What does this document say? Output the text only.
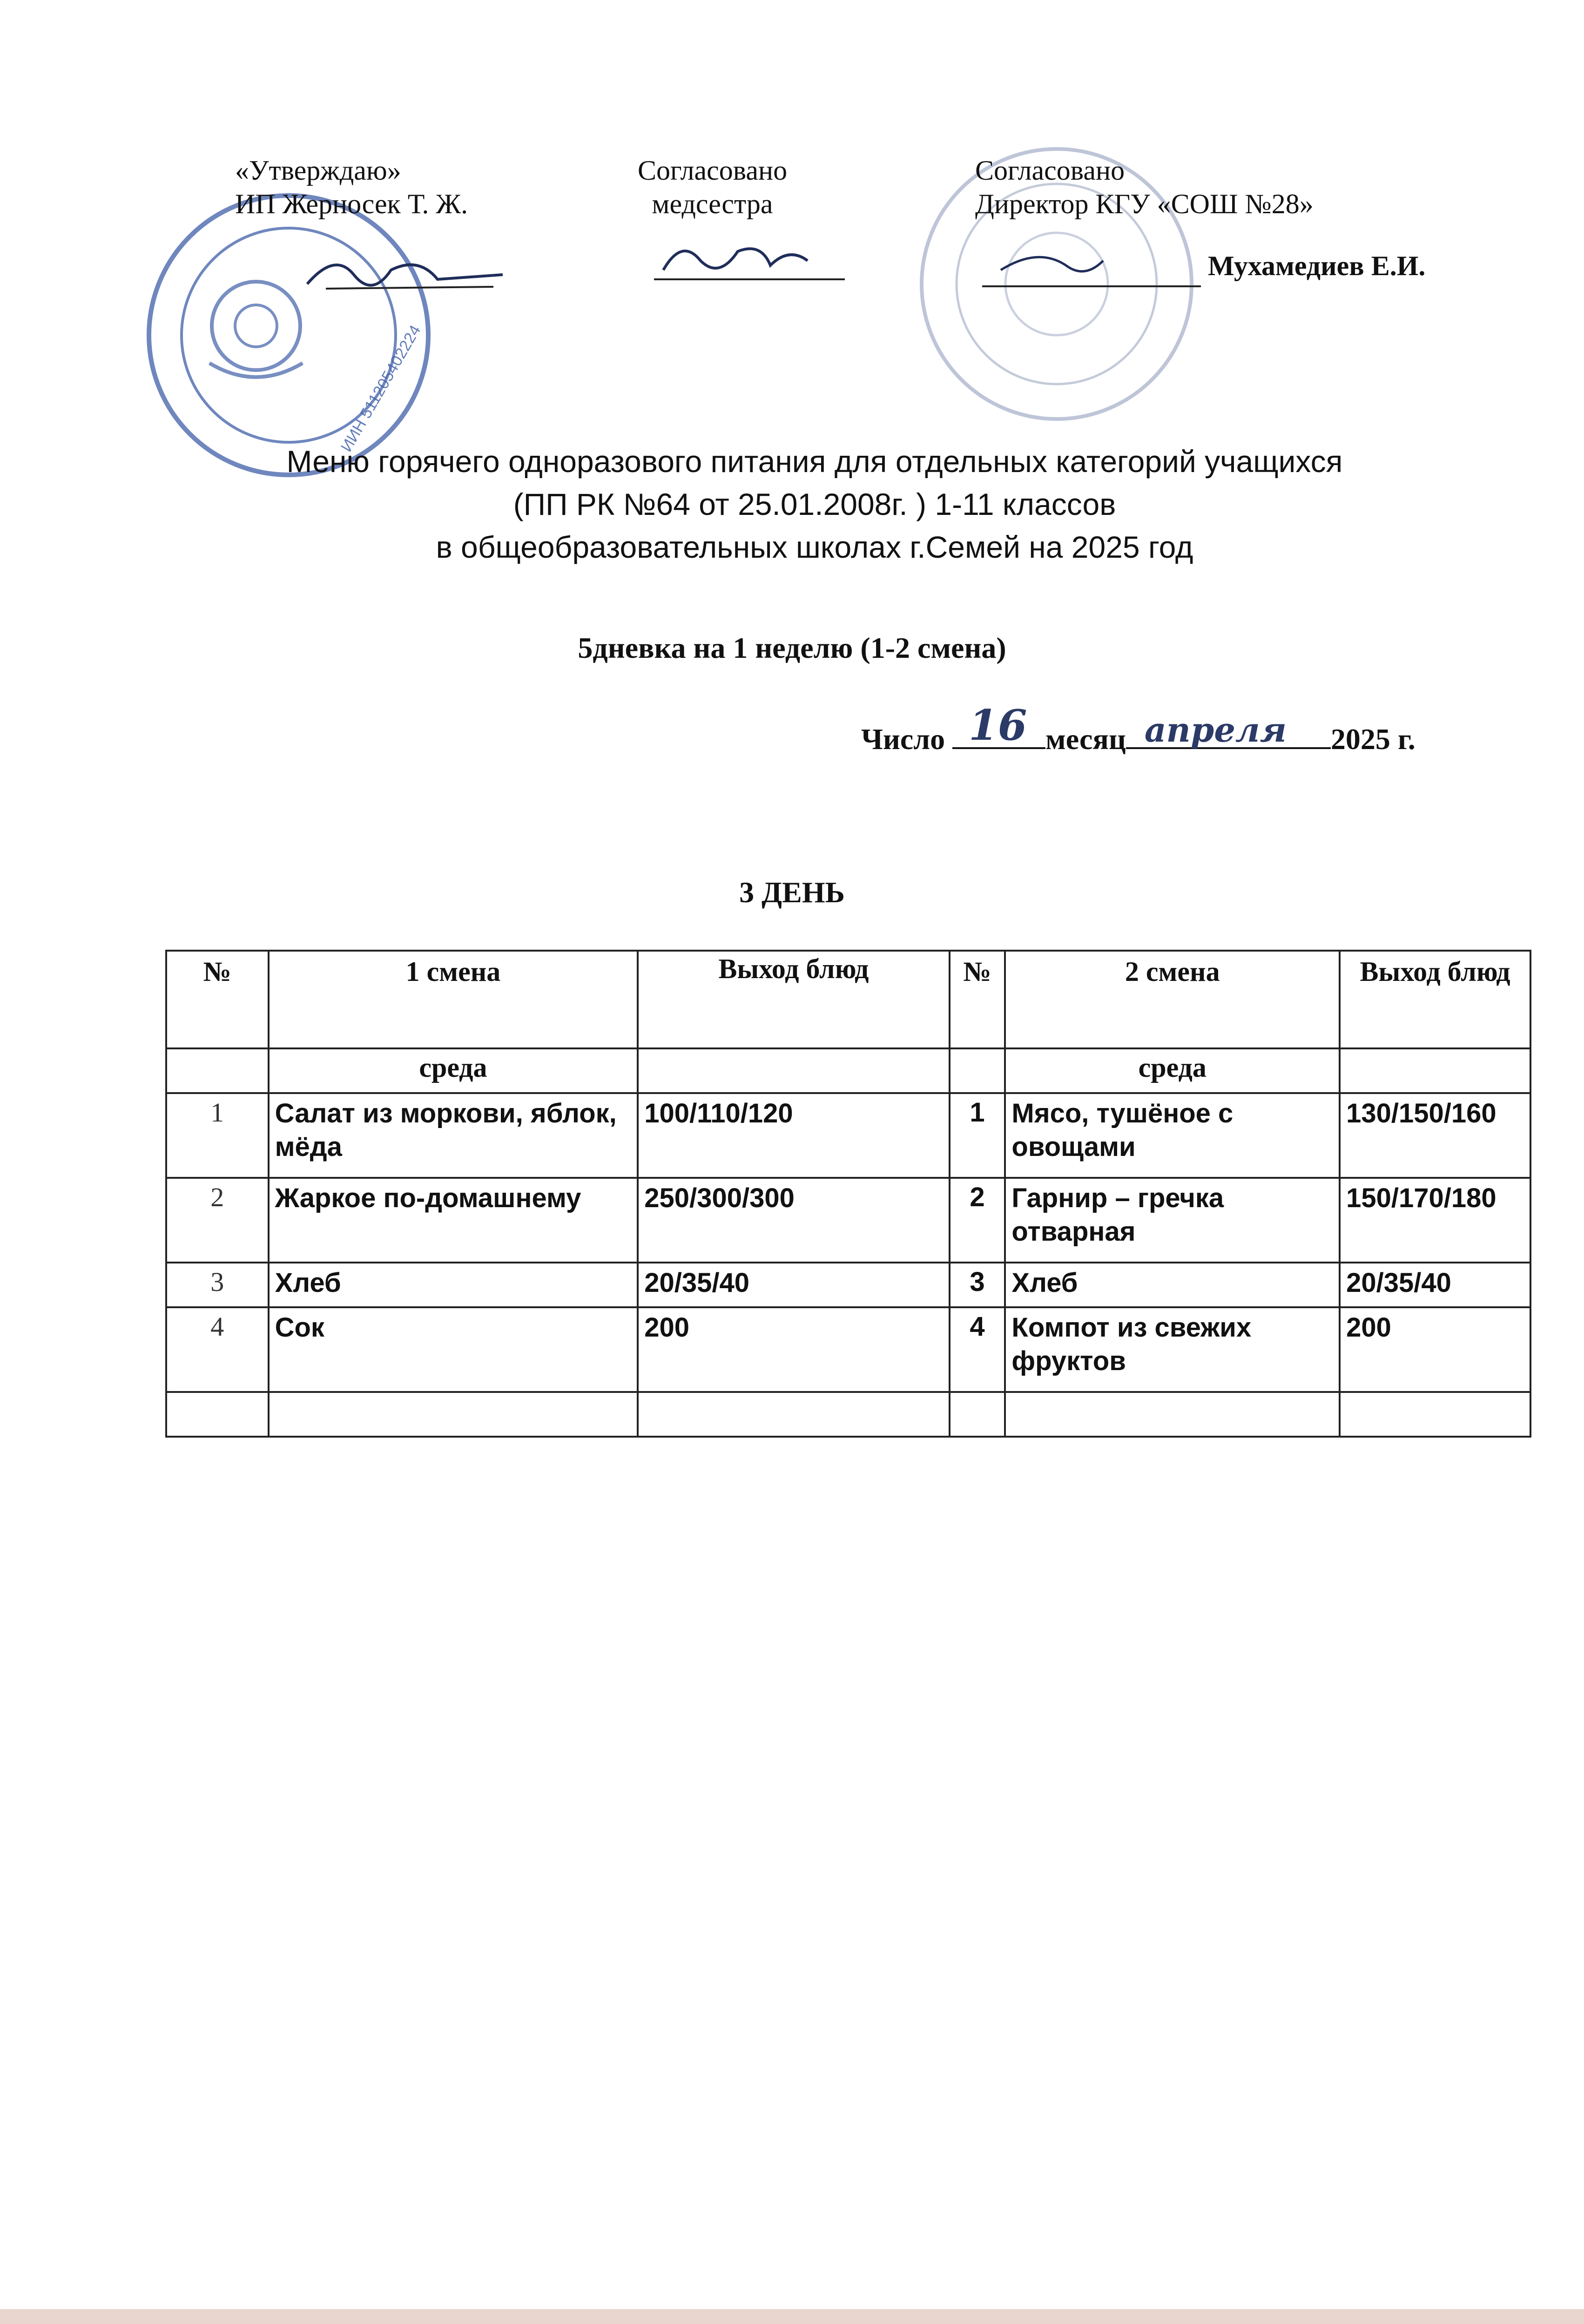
ИИН 511205402224
«Утверждаю»
ИП Жерносек Т. Ж.
Согласовано
медсестра
Согласовано
Директор КГУ «СОШ №28»
Мухамедиев Е.И.
Меню горячего одноразового питания для отдельных категорий учащихся
(ПП РК №64 от 25.01.2008г. ) 1-11 классов
в общеобразовательных школах г.Семей на 2025 год
5дневка на 1 неделю (1-2 смена)
Число 16 месяц апреля 2025 г.
3 ДЕНЬ
№	1 смена	Выход блюд	№	2 смена	Выход блюд
	среда			среда	
1	Салат из моркови, яблок, мёда	100/110/120	1	Мясо, тушёное с овощами	130/150/160
2	Жаркое по-домашнему	250/300/300	2	Гарнир – гречка отварная	150/170/180
3	Хлеб	20/35/40	3	Хлеб	20/35/40
4	Сок	200	4	Компот из свежих фруктов	200
